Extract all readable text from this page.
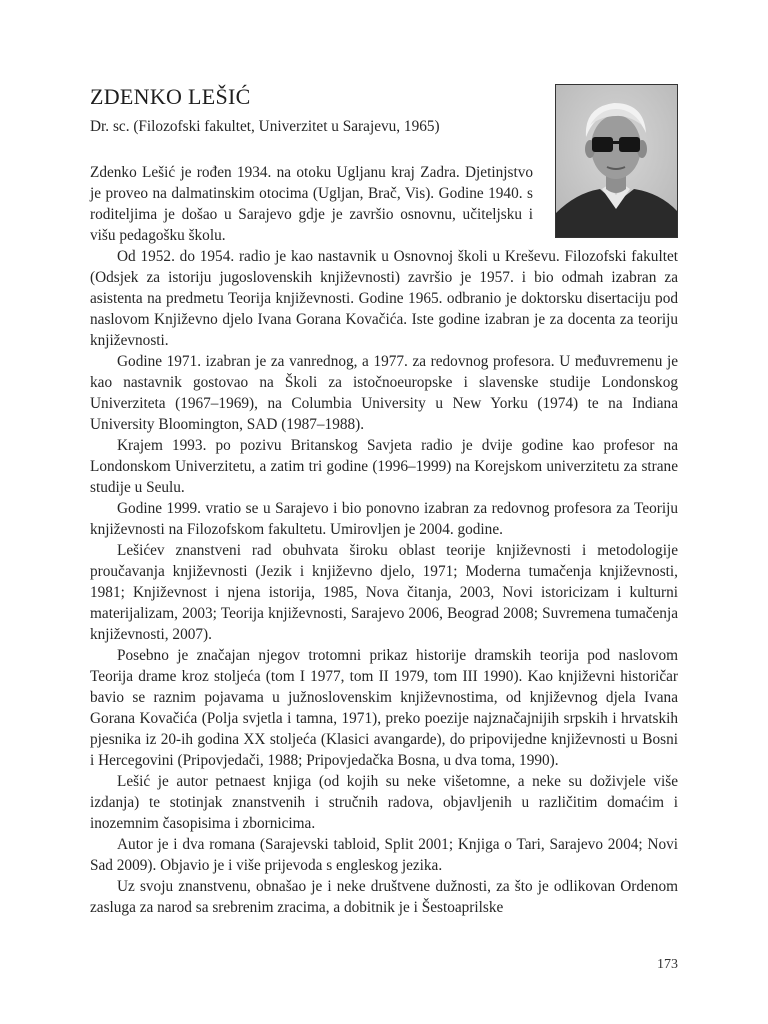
ZDENKO LEŠIĆ
Dr. sc. (Filozofski fakultet, Univerzitet u Sarajevu, 1965)

Zdenko Lešić je rođen 1934. na otoku Ugljanu kraj Zadra. Djetinjstvo je proveo na dalmatinskim otocima (Ugljan, Brač, Vis). Godine 1940. s roditeljima je došao u Sarajevo gdje je završio osnovnu, učiteljsku i višu pedagošku školu.

Od 1952. do 1954. radio je kao nastavnik u Osnovnoj školi u Kreševu. Filozofski fakultet (Odsjek za istoriju jugoslovenskih književnosti) završio je 1957. i bio odmah izabran za asistenta na predmetu Teorija književnosti. Godine 1965. odbranio je doktorsku disertaciju pod naslovom Književno djelo Ivana Gorana Kovačića. Iste godine izabran je za docenta za teoriju književnosti.

Godine 1971. izabran je za vanrednog, a 1977. za redovnog profesora. U međuvremenu je kao nastavnik gostovao na Školi za istočnoeuropske i slavenske studije Londonskog Univerziteta (1967–1969), na Columbia University u New Yorku (1974) te na Indiana University Bloomington, SAD (1987–1988).

Krajem 1993. po pozivu Britanskog Savjeta radio je dvije godine kao profesor na Londonskom Univerzitetu, a zatim tri godine (1996–1999) na Korejskom univerzitetu za strane studije u Seulu.

Godine 1999. vratio se u Sarajevo i bio ponovno izabran za redovnog profesora za Teoriju književnosti na Filozofskom fakultetu. Umirovljen je 2004. godine.

Lešićev znanstveni rad obuhvata široku oblast teorije književnosti i metodologije proučavanja književnosti (Jezik i književno djelo, 1971; Moderna tumačenja književnosti, 1981; Književnost i njena istorija, 1985, Nova čitanja, 2003, Novi istoricizam i kulturni materijalizam, 2003; Teorija književnosti, Sarajevo 2006, Beograd 2008; Suvremena tumačenja književnosti, 2007).

Posebno je značajan njegov trotomni prikaz historije dramskih teorija pod naslovom Teorija drame kroz stoljeća (tom I 1977, tom II 1979, tom III 1990). Kao književni historičar bavio se raznim pojavama u južnoslovenskim književnostima, od književnog djela Ivana Gorana Kovačića (Polja svjetla i tamna, 1971), preko poezije najznačajnijih srpskih i hrvatskih pjesnika iz 20-ih godina XX stoljeća (Klasici avangarde), do pripovijedne književnosti u Bosni i Hercegovini (Pripovjedači, 1988; Pripovjedačka Bosna, u dva toma, 1990).

Lešić je autor petnaest knjiga (od kojih su neke višetomne, a neke su doživjele više izdanja) te stotinjak znanstvenih i stručnih radova, objavljenih u različitim domaćim i inozemnim časopisima i zbornicima.

Autor je i dva romana (Sarajevski tabloid, Split 2001; Knjiga o Tari, Sarajevo 2004; Novi Sad 2009). Objavio je i više prijevoda s engleskog jezika.

Uz svoju znanstvenu, obnašao je i neke društvene dužnosti, za što je odlikovan Ordenom zasluga za narod sa srebrenim zracima, a dobitnik je i Šestoaprilske

173
